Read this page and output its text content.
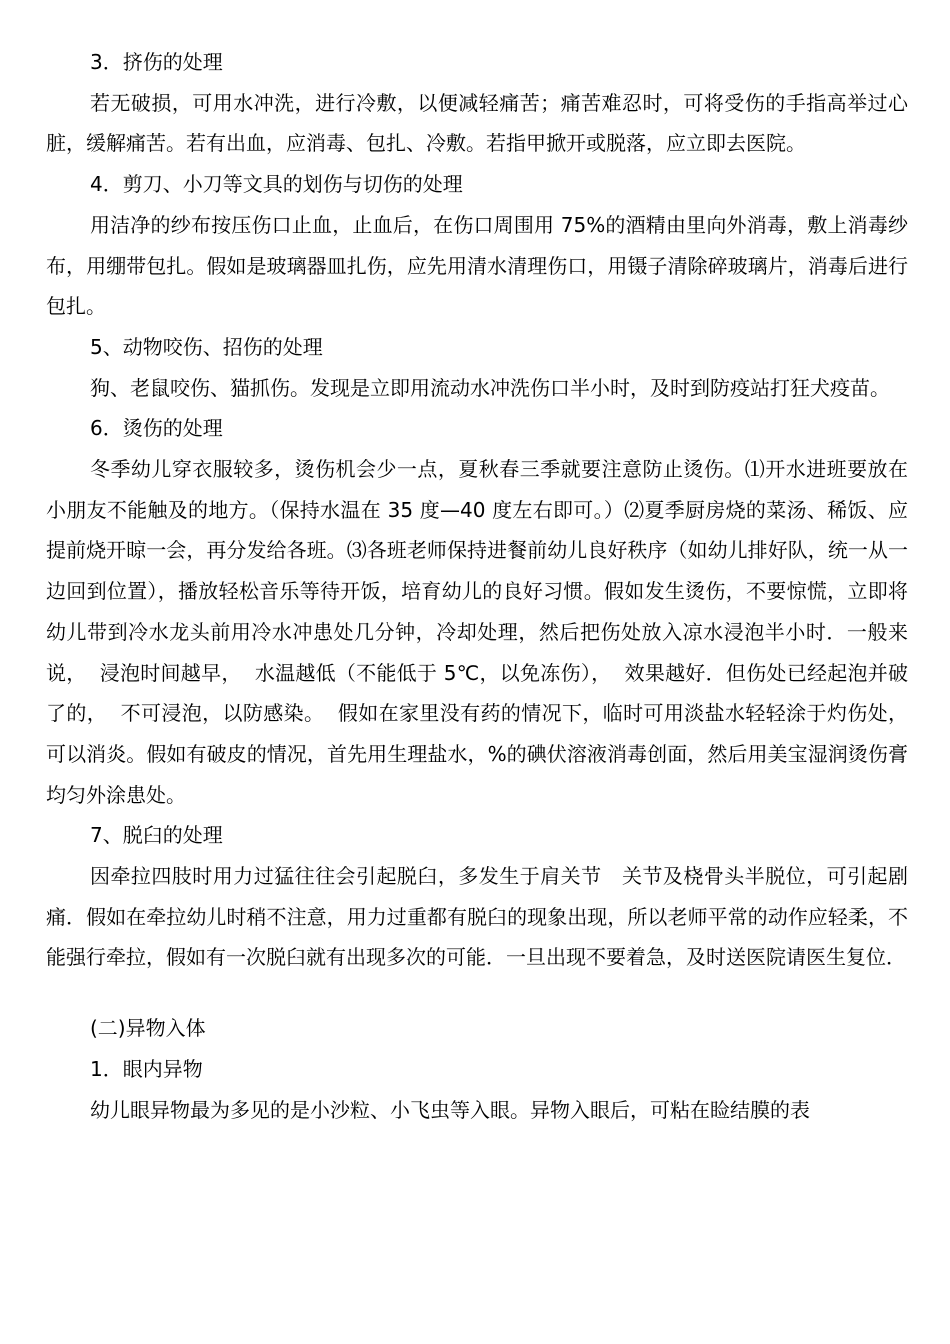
3．挤伤的处理

若无破损，可用水冲洗，进行冷敷，以便减轻痛苦；痛苦难忍时，可将受伤的手指高举过心脏，缓解痛苦。若有出血，应消毒、包扎、冷敷。若指甲掀开或脱落，应立即去医院。

4．剪刀、小刀等文具的划伤与切伤的处理

用洁净的纱布按压伤口止血，止血后，在伤口周围用 75%的酒精由里向外消毒，敷上消毒纱布，用绷带包扎。假如是玻璃器皿扎伤，应先用清水清理伤口，用镊子清除碎玻璃片，消毒后进行包扎。

5、动物咬伤、招伤的处理

狗、老鼠咬伤、猫抓伤。发现是立即用流动水冲洗伤口半小时，及时到防疫站打狂犬疫苗。

6．烫伤的处理

冬季幼儿穿衣服较多，烫伤机会少一点，夏秋春三季就要注意防止烫伤。⑴开水进班要放在小朋友不能触及的地方。（保持水温在 35 度—40 度左右即可。）⑵夏季厨房烧的菜汤、稀饭、应提前烧开晾一会，再分发给各班。⑶各班老师保持进餐前幼儿良好秩序（如幼儿排好队，统一从一边回到位置），播放轻松音乐等待开饭，培育幼儿的良好习惯。假如发生烫伤，不要惊慌，立即将幼儿带到冷水龙头前用冷水冲患处几分钟，冷却处理，然后把伤处放入凉水浸泡半小时．一般来说，  浸泡时间越早，  水温越低（不能低于 5℃，以免冻伤），  效果越好．但伤处已经起泡并破了的，  不可浸泡，以防感染。  假如在家里没有药的情况下，临时可用淡盐水轻轻涂于灼伤处，  可以消炎。假如有破皮的情况，首先用生理盐水，%的碘伏溶液消毒创面，然后用美宝湿润烫伤膏均匀外涂患处。

7、脱臼的处理

因牵拉四肢时用力过猛往往会引起脱臼，多发生于肩关节   关节及桡骨头半脱位，可引起剧痛．假如在牵拉幼儿时稍不注意，用力过重都有脱臼的现象出现，所以老师平常的动作应轻柔，不能强行牵拉，假如有一次脱臼就有出现多次的可能．一旦出现不要着急，及时送医院请医生复位．

(二)异物入体

1．眼内异物

幼儿眼异物最为多见的是小沙粒、小飞虫等入眼。异物入眼后，可粘在睑结膜的表
